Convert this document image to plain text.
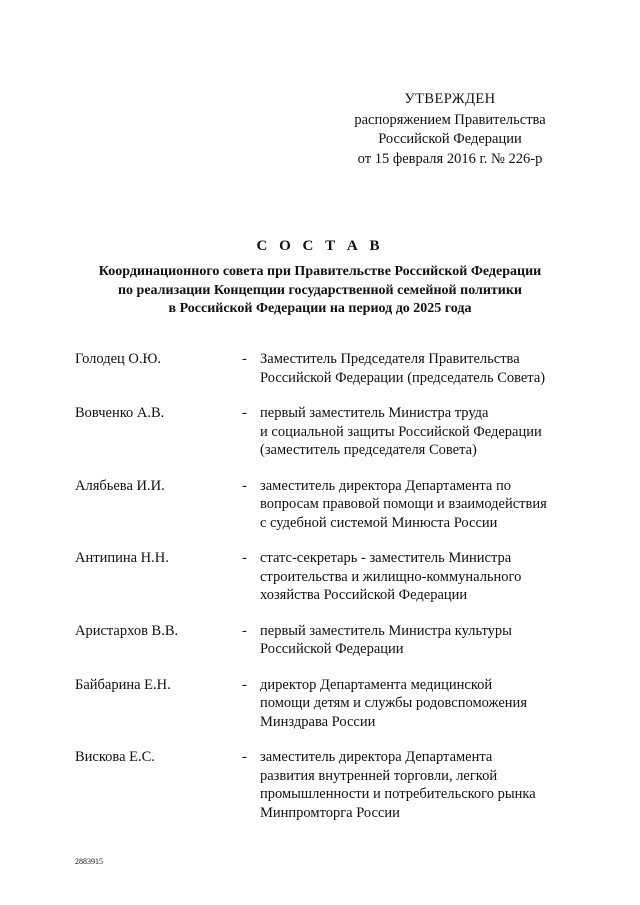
УТВЕРЖДЕН
распоряжением Правительства
Российской Федерации
от 15 февраля 2016 г. № 226-р
С О С Т А В
Координационного совета при Правительстве Российской Федерации
по реализации Концепции государственной семейной политики
в Российской Федерации на период до 2025 года
Голодец О.Ю.	- Заместитель Председателя Правительства
Российской Федерации (председатель Совета)
Вовченко А.В.	- первый заместитель Министра труда
и социальной защиты Российской Федерации
(заместитель председателя Совета)
Алябьева И.И.	- заместитель директора Департамента по
вопросам правовой помощи и взаимодействия
с судебной системой Минюста России
Антипина Н.Н.	- статс-секретарь - заместитель Министра
строительства и жилищно-коммунального
хозяйства Российской Федерации
Аристархов В.В.	- первый заместитель Министра культуры
Российской Федерации
Байбарина Е.Н.	- директор Департамента медицинской
помощи детям и службы родовспоможения
Минздрава России
Вискова Е.С.	- заместитель директора Департамента
развития внутренней торговли, легкой
промышленности и потребительского рынка
Минпромторга России
2883915
